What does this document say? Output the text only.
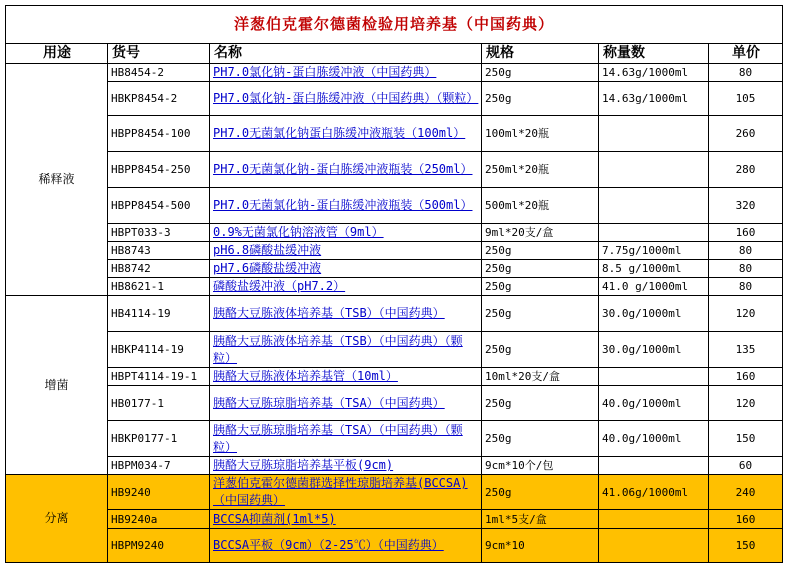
洋葱伯克霍尔德菌检验用培养基（中国药典）					
用途	货号	名称	规格	称量数	单价
稀释液	HB8454-2	PH7.0氯化钠-蛋白胨缓冲液（中国药典）	250g	14.63g/1000ml	80
	HBKP8454-2	PH7.0氯化钠-蛋白胨缓冲液（中国药典）（颗粒）	250g	14.63g/1000ml	105
	HBPP8454-100	PH7.0无菌氯化钠蛋白胨缓冲液瓶装（100ml）	100ml*20瓶		260
	HBPP8454-250	PH7.0无菌氯化钠-蛋白胨缓冲液瓶装（250ml）	250ml*20瓶		280
	HBPP8454-500	PH7.0无菌氯化钠-蛋白胨缓冲液瓶装（500ml）	500ml*20瓶		320
	HBPT033-3	0.9%无菌氯化钠溶液管（9ml）	9ml*20支/盒		160
	HB8743	pH6.8磷酸盐缓冲液	250g	7.75g/1000ml	80
	HB8742	pH7.6磷酸盐缓冲液	250g	8.5 g/1000ml	80
	HB8621-1	磷酸盐缓冲液（pH7.2）	250g	41.0 g/1000ml	80
增菌	HB4114-19	胰酪大豆胨液体培养基（TSB）（中国药典）	250g	30.0g/1000ml	120
	HBKP4114-19	胰酪大豆胨液体培养基（TSB）（中国药典）（颗粒）	250g	30.0g/1000ml	135
	HBPT4114-19-1	胰酪大豆胨液体培养基管（10ml）	10ml*20支/盒		160
	HB0177-1	胰酪大豆胨琼脂培养基（TSA）（中国药典）	250g	40.0g/1000ml	120
	HBKP0177-1	胰酪大豆胨琼脂培养基（TSA）（中国药典）（颗粒）	250g	40.0g/1000ml	150
	HBPM034-7	胰酪大豆胨琼脂培养基平板(9cm)	9cm*10个/包		60
分离	HB9240	洋葱伯克霍尔德菌群选择性琼脂培养基(BCCSA)（中国药典）	250g	41.06g/1000ml	240
	HB9240a	BCCSA抑菌剂(1ml*5)	1ml*5支/盒		160
	HBPM9240	BCCSA平板（9cm）（2-25℃）（中国药典）	9cm*10		150
